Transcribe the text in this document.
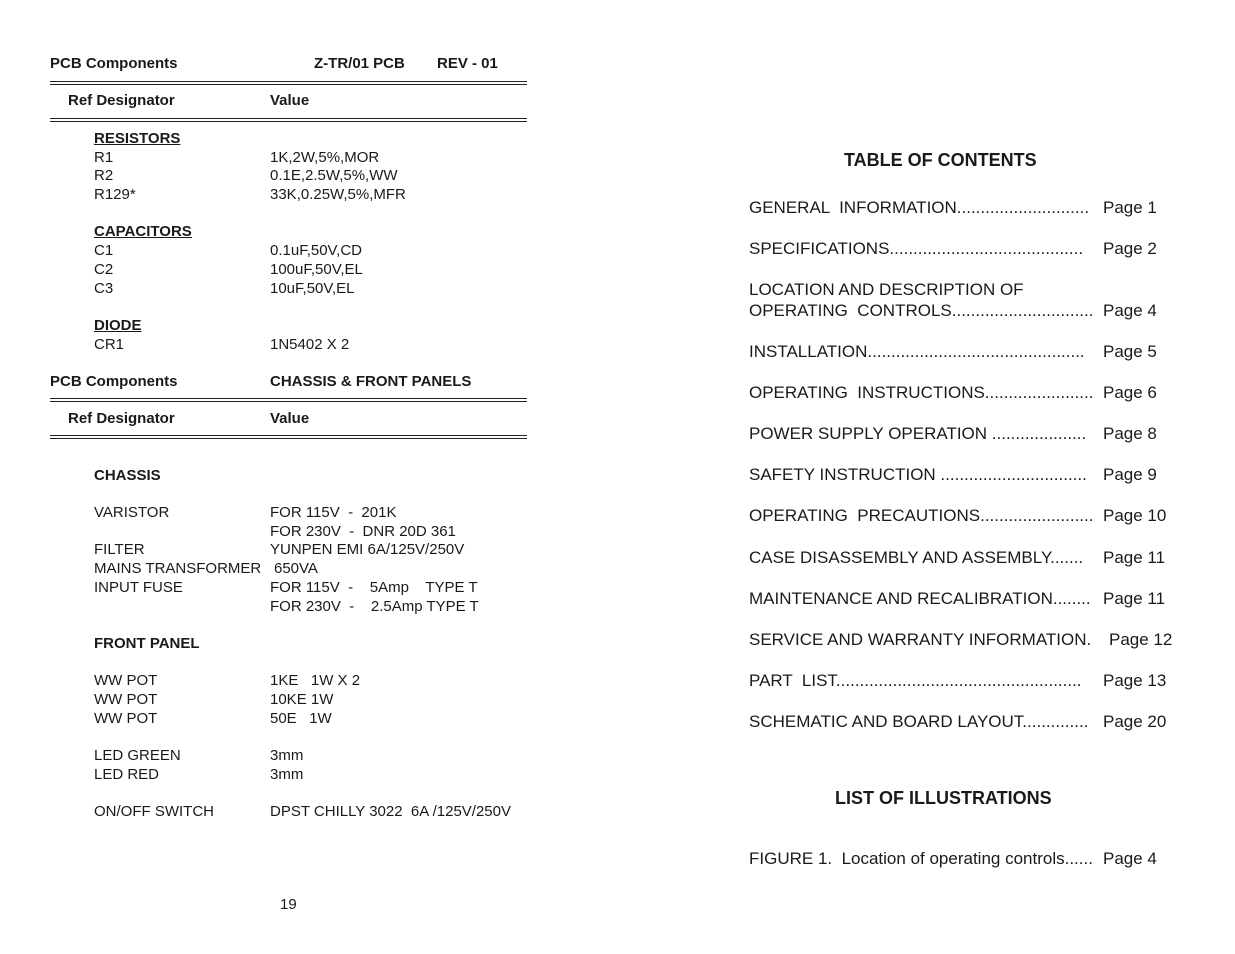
PCB Components	Z-TR/01 PCB REV - 01
Ref Designator	Value
RESISTORS
R1	1K,2W,5%,MOR
R2	0.1E,2.5W,5%,WW
R129*	33K,0.25W,5%,MFR
CAPACITORS
C1	0.1uF,50V,CD
C2	100uF,50V,EL
C3	10uF,50V,EL
DIODE
CR1	1N5402 X 2
PCB Components	CHASSIS & FRONT PANELS
Ref Designator	Value
CHASSIS
VARISTOR	FOR 115V  -  201K
FOR 230V  -  DNR 20D 361
FILTER	YUNPEN EMI 6A/125V/250V
MAINS TRANSFORMER 650VA
INPUT FUSE	FOR 115V  -    5Amp    TYPE T
FOR 230V  -    2.5Amp TYPE T
FRONT PANEL
WW POT	1KE   1W X 2
WW POT	10KE 1W
WW POT	50E   1W
LED GREEN	3mm
LED RED	3mm
ON/OFF SWITCH	DPST CHILLY 3022  6A /125V/250V
19
TABLE OF CONTENTS
GENERAL  INFORMATION............................ Page 1
SPECIFICATIONS......................................... Page 2
LOCATION AND DESCRIPTION OF
OPERATING  CONTROLS.............................. Page 4
INSTALLATION.............................................. Page 5
OPERATING  INSTRUCTIONS....................... Page 6
POWER SUPPLY OPERATION .................... Page 8
SAFETY INSTRUCTION ............................... Page 9
OPERATING  PRECAUTIONS........................ Page 10
CASE DISASSEMBLY AND ASSEMBLY....... Page 11
MAINTENANCE AND RECALIBRATION........ Page 11
SERVICE AND WARRANTY INFORMATION. Page 12
PART  LIST.................................................... Page 13
SCHEMATIC AND BOARD LAYOUT.............. Page 20
LIST OF ILLUSTRATIONS
FIGURE 1.  Location of operating controls...... Page 4
